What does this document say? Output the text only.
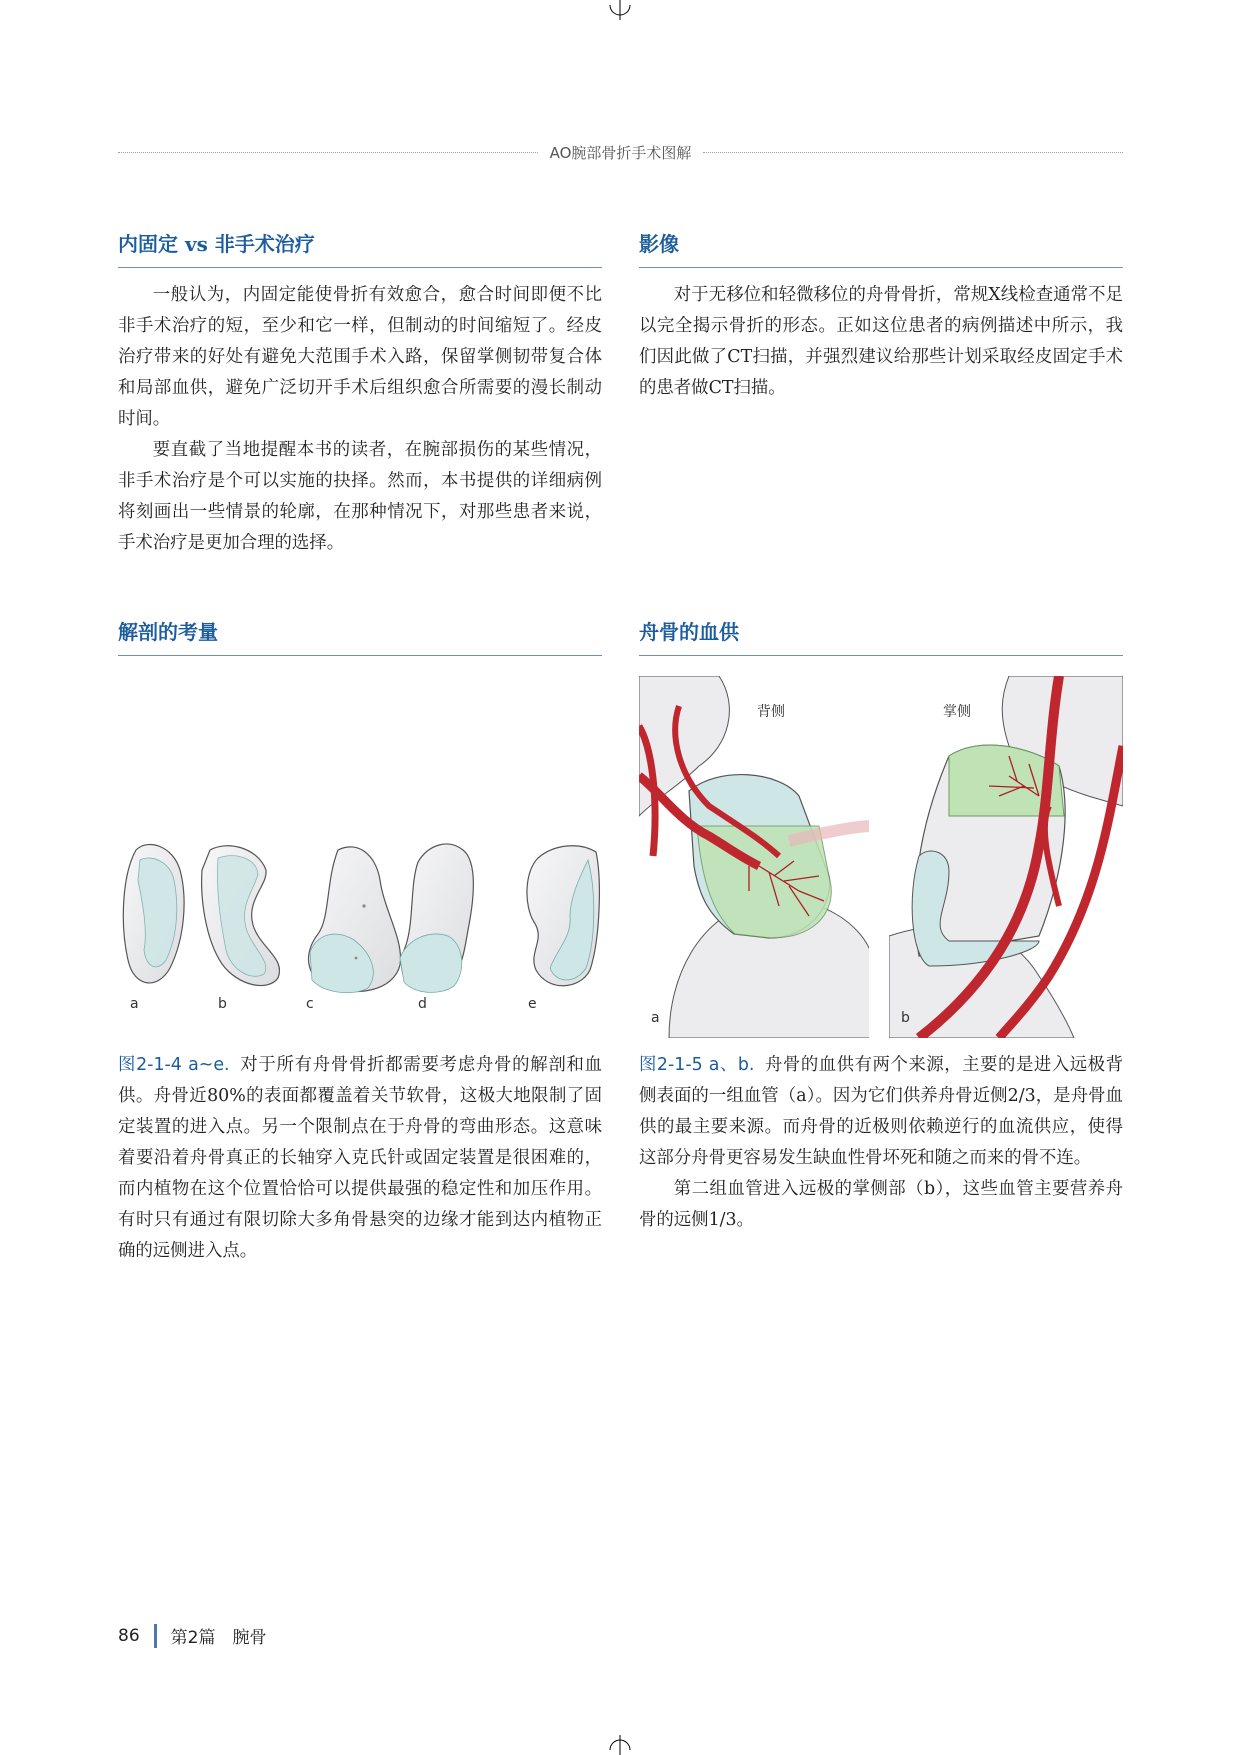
AO腕部骨折手术图解
内固定 vs 非手术治疗

一般认为，内固定能使骨折有效愈合，愈合时间即便不比非手术治疗的短，至少和它一样，但制动的时间缩短了。经皮治疗带来的好处有避免大范围手术入路，保留掌侧韧带复合体和局部血供，避免广泛切开手术后组织愈合所需要的漫长制动时间。

要直截了当地提醒本书的读者，在腕部损伤的某些情况，非手术治疗是个可以实施的抉择。然而，本书提供的详细病例将刻画出一些情景的轮廓，在那种情况下，对那些患者来说，手术治疗是更加合理的选择。

影像

对于无移位和轻微移位的舟骨骨折，常规X线检查通常不足以完全揭示骨折的形态。正如这位患者的病例描述中所示，我们因此做了CT扫描，并强烈建议给那些计划采取经皮固定手术的患者做CT扫描。

解剖的考量
a	b	c	d	e

图2-1-4 a~e. 对于所有舟骨骨折都需要考虑舟骨的解剖和血供。舟骨近80%的表面都覆盖着关节软骨，这极大地限制了固定装置的进入点。另一个限制点在于舟骨的弯曲形态。这意味着要沿着舟骨真正的长轴穿入克氏针或固定装置是很困难的，而内植物在这个位置恰恰可以提供最强的稳定性和加压作用。有时只有通过有限切除大多角骨悬突的边缘才能到达内植物正确的远侧进入点。

舟骨的血供
背侧
a
掌侧
b

图2-1-5 a、b. 舟骨的血供有两个来源，主要的是进入远极背侧表面的一组血管（a）。因为它们供养舟骨近侧2/3，是舟骨血供的最主要来源。而舟骨的近极则依赖逆行的血流供应，使得这部分舟骨更容易发生缺血性骨坏死和随之而来的骨不连。

第二组血管进入远极的掌侧部（b），这些血管主要营养舟骨的远侧1/3。

86 第2篇　腕骨
